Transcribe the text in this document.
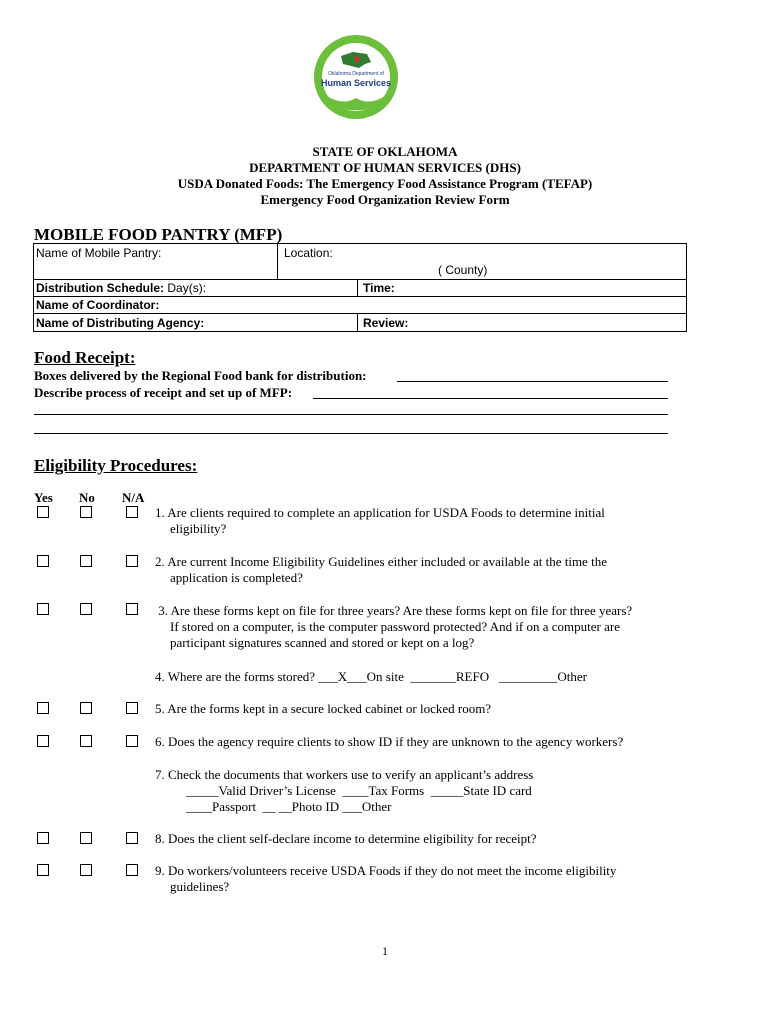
Oklahoma Department of
Human Services
STATE OF OKLAHOMA
DEPARTMENT OF HUMAN SERVICES (DHS)
USDA Donated Foods: The Emergency Food Assistance Program (TEFAP)
Emergency Food Organization Review Form
MOBILE FOOD PANTRY (MFP)
Name of Mobile Pantry:	Location:
( County)
Distribution Schedule: Day(s):	Time:
Name of Coordinator:
Name of Distributing Agency:	Review:
Food Receipt:
Boxes delivered by the Regional Food bank for distribution:
Describe process of receipt and set up of MFP:
Eligibility Procedures:
Yes No N/A
1. Are clients required to complete an application for USDA Foods to determine initial
eligibility?
2. Are current Income Eligibility Guidelines either included or available at the time the
application is completed?
3. Are these forms kept on file for three years? Are these forms kept on file for three years?
If stored on a computer, is the computer password protected? And if on a computer are
participant signatures scanned and stored or kept on a log?
4. Where are the forms stored? ___X___On site  _______REFO   _________Other
5. Are the forms kept in a secure locked cabinet or locked room?
6. Does the agency require clients to show ID if they are unknown to the agency workers?
7. Check the documents that workers use to verify an applicant’s address
_____Valid Driver’s License  ____Tax Forms  _____State ID card
____Passport  __ __Photo ID ___Other
8. Does the client self-declare income to determine eligibility for receipt?
9. Do workers/volunteers receive USDA Foods if they do not meet the income eligibility
guidelines?
1
